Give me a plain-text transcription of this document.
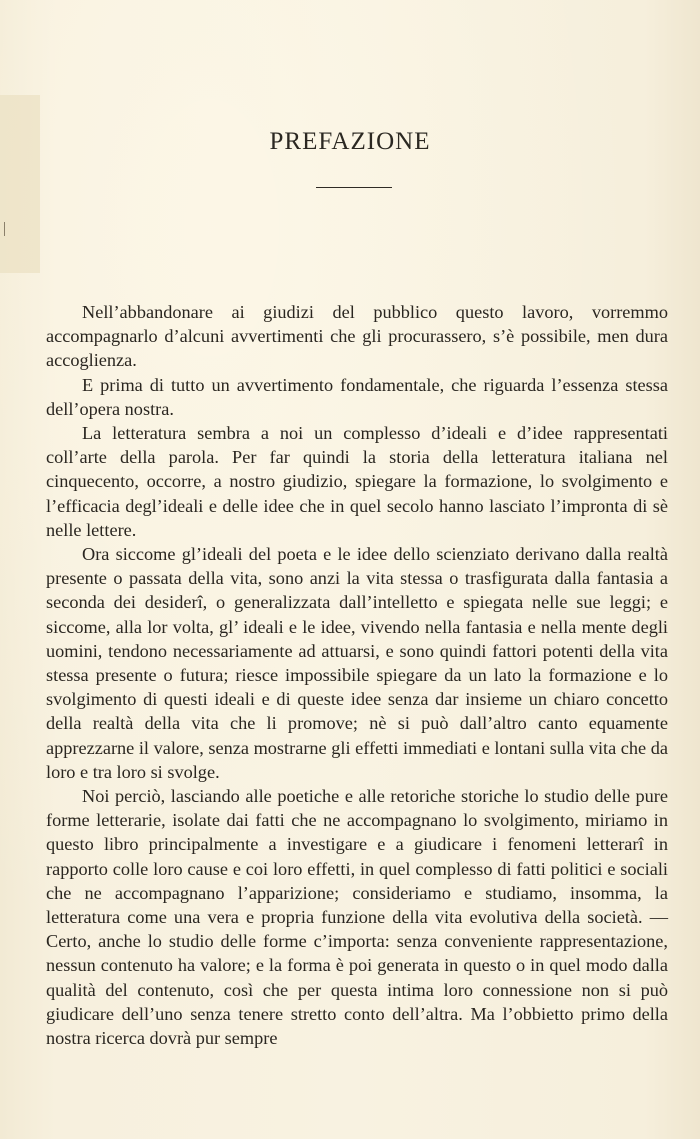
PREFAZIONE

Nell’abbandonare ai giudizi del pubblico questo lavoro, vorremmo accompagnarlo d’alcuni avvertimenti che gli procurassero, s’è possibile, men dura accoglienza.

E prima di tutto un avvertimento fondamentale, che riguarda l’essenza stessa dell’opera nostra.

La letteratura sembra a noi un complesso d’ideali e d’idee rappresentati coll’arte della parola. Per far quindi la storia della letteratura italiana nel cinquecento, occorre, a nostro giudizio, spiegare la formazione, lo svolgimento e l’efficacia degl’ideali e delle idee che in quel secolo hanno lasciato l’impronta di sè nelle lettere.

Ora siccome gl’ideali del poeta e le idee dello scienziato derivano dalla realtà presente o passata della vita, sono anzi la vita stessa o trasfigurata dalla fantasia a seconda dei desiderî, o generalizzata dall’intelletto e spiegata nelle sue leggi; e siccome, alla lor volta, gl’ ideali e le idee, vivendo nella fantasia e nella mente degli uomini, tendono necessariamente ad attuarsi, e sono quindi fattori potenti della vita stessa presente o futura; riesce impossibile spiegare da un lato la formazione e lo svolgimento di questi ideali e di queste idee senza dar insieme un chiaro concetto della realtà della vita che li promove; nè si può dall’altro canto equamente apprezzarne il valore, senza mostrarne gli effetti immediati e lontani sulla vita che da loro e tra loro si svolge.

Noi perciò, lasciando alle poetiche e alle retoriche storiche lo studio delle pure forme letterarie, isolate dai fatti che ne accompagnano lo svolgimento, miriamo in questo libro principalmente a investigare e a giudicare i fenomeni letterarî in rapporto colle loro cause e coi loro effetti, in quel complesso di fatti politici e sociali che ne accompagnano l’apparizione; consideriamo e studiamo, insomma, la letteratura come una vera e propria funzione della vita evolutiva della società. — Certo, anche lo studio delle forme c’importa: senza conveniente rappresentazione, nessun contenuto ha valore; e la forma è poi generata in questo o in quel modo dalla qualità del contenuto, così che per questa intima loro connessione non si può giudicare dell’uno senza tenere stretto conto dell’altra. Ma l’obbietto primo della nostra ricerca dovrà pur sempre
